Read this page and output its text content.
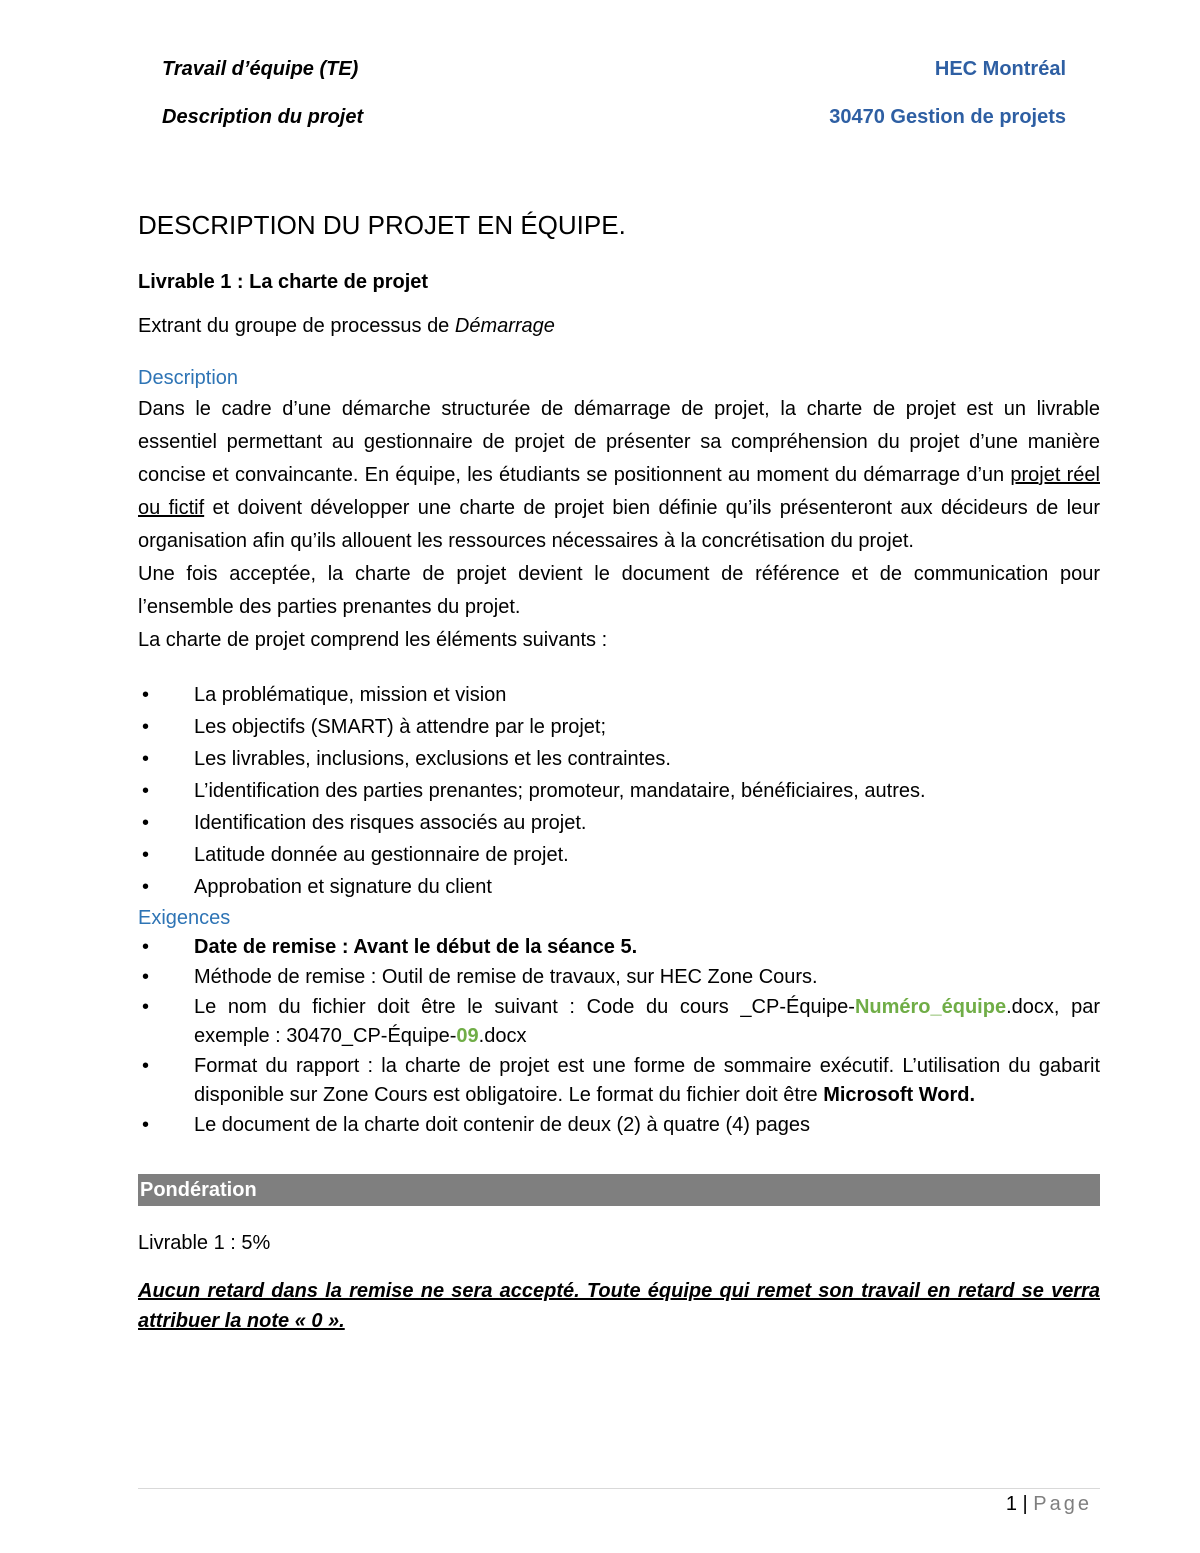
Travail d’équipe (TE)
Description du projet
HEC Montréal
30470 Gestion de projets
DESCRIPTION DU PROJET EN ÉQUIPE.
Livrable 1 : La charte de projet
Extrant du groupe de processus de Démarrage
Description

Dans le cadre d’une démarche structurée de démarrage de projet, la charte de projet est un livrable essentiel permettant au gestionnaire de projet de présenter sa compréhension du projet d’une manière concise et convaincante. En équipe, les étudiants se positionnent au moment du démarrage d’un projet réel ou fictif et doivent développer une charte de projet bien définie qu’ils présenteront aux décideurs de leur organisation afin qu’ils allouent les ressources nécessaires à la concrétisation du projet.

Une fois acceptée, la charte de projet devient le document de référence et de communication pour l’ensemble des parties prenantes du projet.

La charte de projet comprend les éléments suivants :

• La problématique, mission et vision
• Les objectifs (SMART) à attendre par le projet;
• Les livrables, inclusions, exclusions et les contraintes.
• L’identification des parties prenantes; promoteur, mandataire, bénéficiaires, autres.
• Identification des risques associés au projet.
• Latitude donnée au gestionnaire de projet.
• Approbation et signature du client
Exigences
• Date de remise : Avant le début de la séance 5.
• Méthode de remise : Outil de remise de travaux, sur HEC Zone Cours.
• Le nom du fichier doit être le suivant : Code du cours _CP-Équipe-Numéro_équipe.docx, par exemple : 30470_CP-Équipe-09.docx
• Format du rapport : la charte de projet est une forme de sommaire exécutif. L’utilisation du gabarit disponible sur Zone Cours est obligatoire. Le format du fichier doit être Microsoft Word.
• Le document de la charte doit contenir de deux (2) à quatre (4) pages
Pondération
Livrable 1 : 5%
Aucun retard dans la remise ne sera accepté. Toute équipe qui remet son travail en retard se verra attribuer la note « 0 ».
1 | Page
